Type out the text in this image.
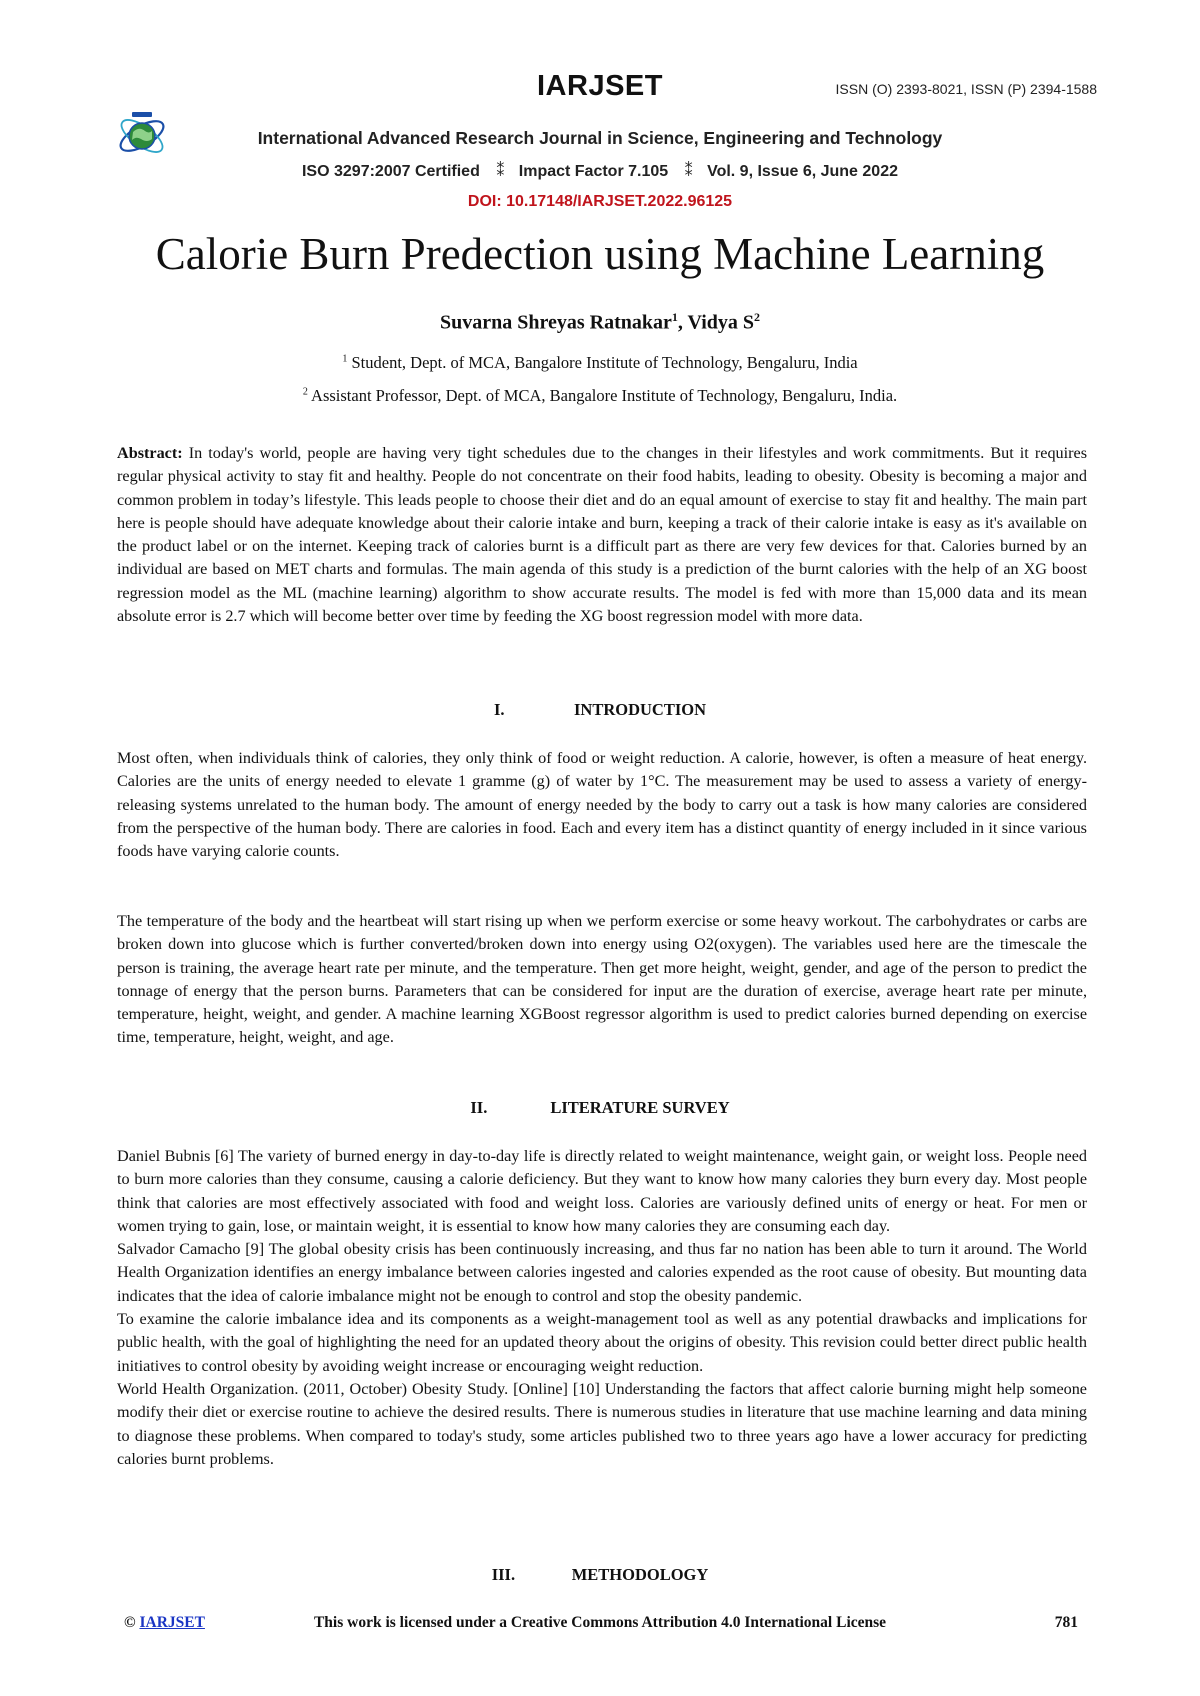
IARJSET	ISSN (O) 2393-8021, ISSN (P) 2394-1588
International Advanced Research Journal in Science, Engineering and Technology
ISO 3297:2007 Certified ⁑ Impact Factor 7.105 ⁑ Vol. 9, Issue 6, June 2022
DOI: 10.17148/IARJSET.2022.96125
Calorie Burn Predection using Machine Learning
Suvarna Shreyas Ratnakar$^1$, Vidya $S^2$
$^1$ Student, Dept. of MCA, Bangalore Institute of Technology, Bengaluru, India
$^2$ Assistant Professor, Dept. of MCA, Bangalore Institute of Technology, Bengaluru, India.

Abstract: In today's world, people are having very tight schedules due to the changes in their lifestyles and work commitments. But it requires regular physical activity to stay fit and healthy. People do not concentrate on their food habits, leading to obesity. Obesity is becoming a major and common problem in today’s lifestyle. This leads people to choose their diet and do an equal amount of exercise to stay fit and healthy. The main part here is people should have adequate knowledge about their calorie intake and burn, keeping a track of their calorie intake is easy as it's available on the product label or on the internet. Keeping track of calories burnt is a difficult part as there are very few devices for that. Calories burned by an individual are based on MET charts and formulas. The main agenda of this study is a prediction of the burnt calories with the help of an XG boost regression model as the ML (machine learning) algorithm to show accurate results. The model is fed with more than 15,000 data and its mean absolute error is 2.7 which will become better over time by feeding the XG boost regression model with more data.

I.	INTRODUCTION

Most often, when individuals think of calories, they only think of food or weight reduction. A calorie, however, is often a measure of heat energy. Calories are the units of energy needed to elevate 1 gramme (g) of water by 1°C. The measurement may be used to assess a variety of energy-releasing systems unrelated to the human body. The amount of energy needed by the body to carry out a task is how many calories are considered from the perspective of the human body. There are calories in food. Each and every item has a distinct quantity of energy included in it since various foods have varying calorie counts.

The temperature of the body and the heartbeat will start rising up when we perform exercise or some heavy workout. The carbohydrates or carbs are broken down into glucose which is further converted/broken down into energy using O2(oxygen). The variables used here are the timescale the person is training, the average heart rate per minute, and the temperature. Then get more height, weight, gender, and age of the person to predict the tonnage of energy that the person burns. Parameters that can be considered for input are the duration of exercise, average heart rate per minute, temperature, height, weight, and gender. A machine learning XGBoost regressor algorithm is used to predict calories burned depending on exercise time, temperature, height, weight, and age.

II.	LITERATURE SURVEY

Daniel Bubnis [6] The variety of burned energy in day-to-day life is directly related to weight maintenance, weight gain, or weight loss. People need to burn more calories than they consume, causing a calorie deficiency. But they want to know how many calories they burn every day. Most people think that calories are most effectively associated with food and weight loss. Calories are variously defined units of energy or heat. For men or women trying to gain, lose, or maintain weight, it is essential to know how many calories they are consuming each day.

Salvador Camacho [9] The global obesity crisis has been continuously increasing, and thus far no nation has been able to turn it around. The World Health Organization identifies an energy imbalance between calories ingested and calories expended as the root cause of obesity. But mounting data indicates that the idea of calorie imbalance might not be enough to control and stop the obesity pandemic.

To examine the calorie imbalance idea and its components as a weight-management tool as well as any potential drawbacks and implications for public health, with the goal of highlighting the need for an updated theory about the origins of obesity. This revision could better direct public health initiatives to control obesity by avoiding weight increase or encouraging weight reduction.

World Health Organization. (2011, October) Obesity Study. [Online] [10] Understanding the factors that affect calorie burning might help someone modify their diet or exercise routine to achieve the desired results. There is numerous studies in literature that use machine learning and data mining to diagnose these problems. When compared to today's study, some articles published two to three years ago have a lower accuracy for predicting calories burnt problems.

III.	METHODOLOGY
© IARJSET	This work is licensed under a Creative Commons Attribution 4.0 International License	781
